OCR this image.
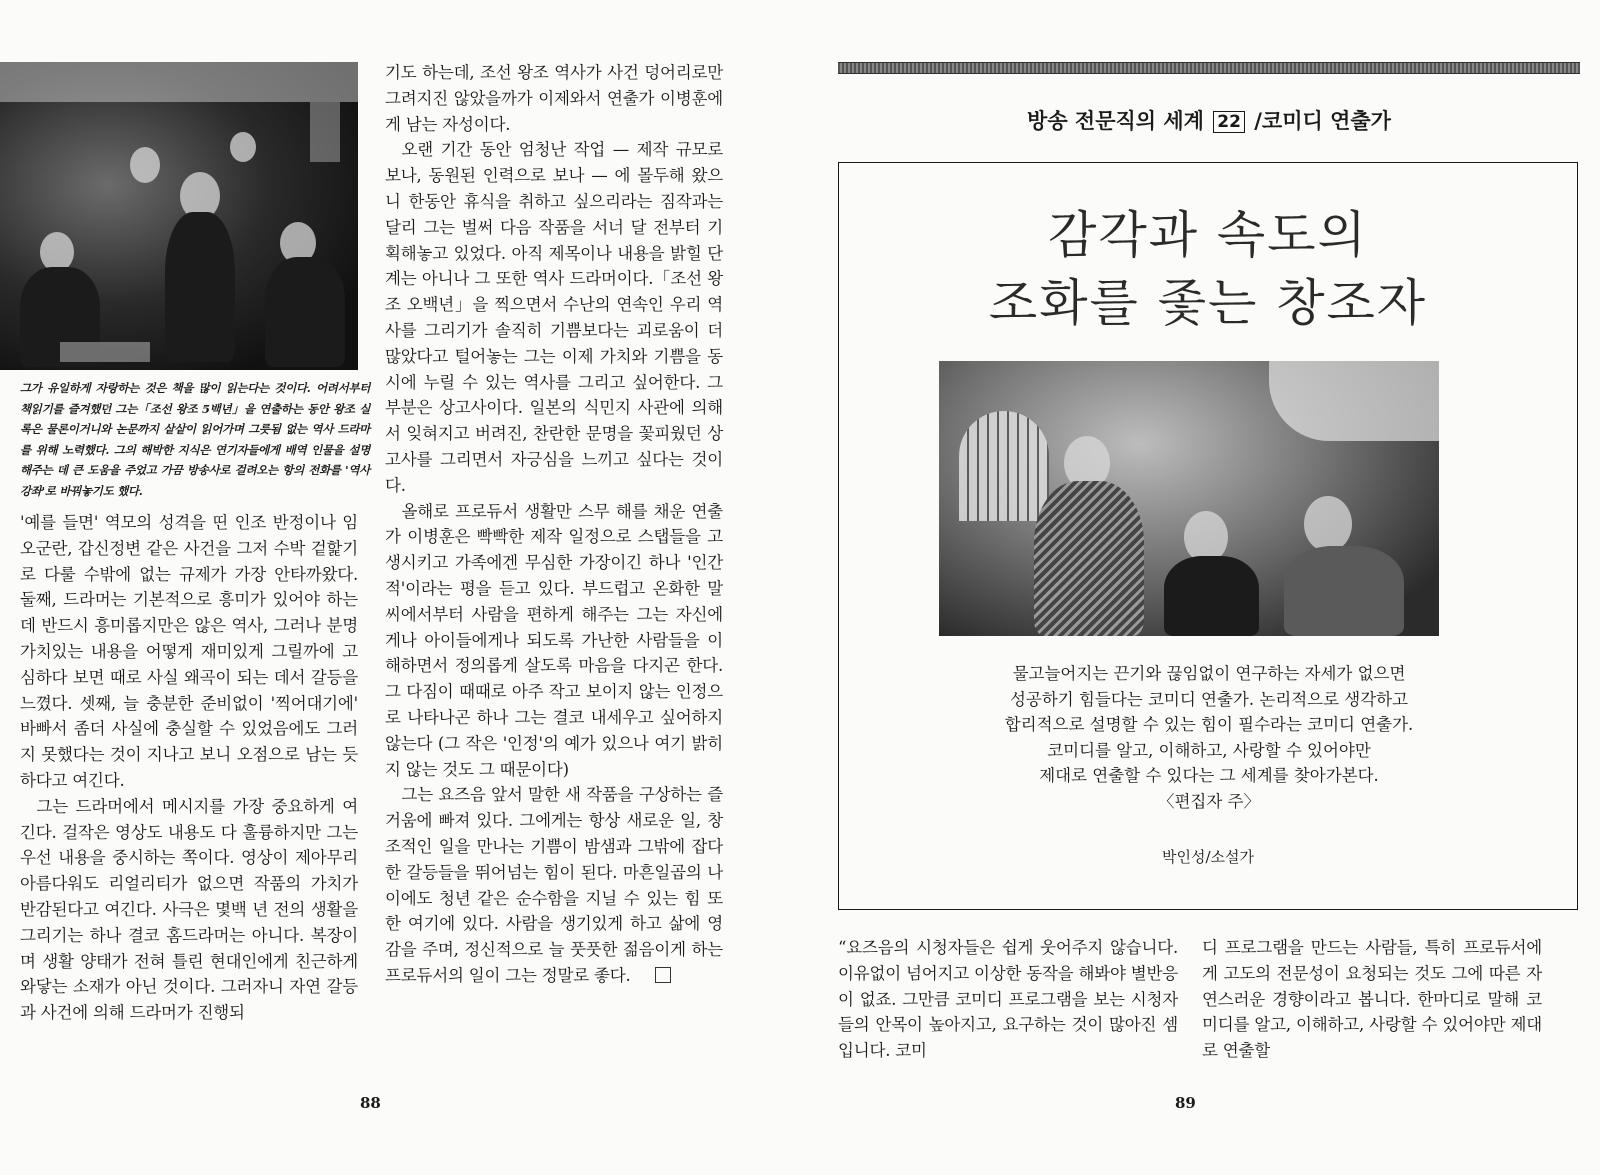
그가 유일하게 자랑하는 것은 책을 많이 읽는다는 것이다. 어려서부터 책읽기를 즐겨했던 그는「조선 왕조 5백년」을 연출하는 동안 왕조 실록은 물론이거니와 논문까지 샅샅이 읽어가며 그릇됨 없는 역사 드라마를 위해 노력했다. 그의 해박한 지식은 연기자들에게 배역 인물을 설명해주는 데 큰 도움을 주었고 가끔 방송사로 걸려오는 항의 전화를 '역사 강좌'로 바꿔놓기도 했다.

'예를 들면' 역모의 성격을 띤 인조 반정이나 임오군란, 갑신정변 같은 사건을 그저 수박 겉핥기로 다룰 수밖에 없는 규제가 가장 안타까왔다. 둘째, 드라머는 기본적으로 흥미가 있어야 하는데 반드시 흥미롭지만은 않은 역사, 그러나 분명 가치있는 내용을 어떻게 재미있게 그릴까에 고심하다 보면 때로 사실 왜곡이 되는 데서 갈등을 느꼈다. 셋째, 늘 충분한 준비없이 '찍어대기에' 바빠서 좀더 사실에 충실할 수 있었음에도 그러지 못했다는 것이 지나고 보니 오점으로 남는 듯하다고 여긴다.

그는 드라머에서 메시지를 가장 중요하게 여긴다. 걸작은 영상도 내용도 다 훌륭하지만 그는 우선 내용을 중시하는 쪽이다. 영상이 제아무리 아름다워도 리얼리티가 없으면 작품의 가치가 반감된다고 여긴다. 사극은 몇백 년 전의 생활을 그리기는 하나 결코 홈드라머는 아니다. 복장이며 생활 양태가 전혀 틀린 현대인에게 친근하게 와닿는 소재가 아닌 것이다. 그러자니 자연 갈등과 사건에 의해 드라머가 진행되

기도 하는데, 조선 왕조 역사가 사건 덩어리로만 그려지진 않았을까가 이제와서 연출가 이병훈에게 남는 자성이다.

오랜 기간 동안 엄청난 작업 — 제작 규모로 보나, 동원된 인력으로 보나 — 에 몰두해 왔으니 한동안 휴식을 취하고 싶으리라는 짐작과는 달리 그는 벌써 다음 작품을 서너 달 전부터 기획해놓고 있었다. 아직 제목이나 내용을 밝힐 단계는 아니나 그 또한 역사 드라머이다.「조선 왕조 오백년」을 찍으면서 수난의 연속인 우리 역사를 그리기가 솔직히 기쁨보다는 괴로움이 더 많았다고 털어놓는 그는 이제 가치와 기쁨을 동시에 누릴 수 있는 역사를 그리고 싶어한다. 그 부분은 상고사이다. 일본의 식민지 사관에 의해서 잊혀지고 버려진, 찬란한 문명을 꽃피웠던 상고사를 그리면서 자긍심을 느끼고 싶다는 것이다.

올해로 프로듀서 생활만 스무 해를 채운 연출가 이병훈은 빡빡한 제작 일정으로 스탭들을 고생시키고 가족에겐 무심한 가장이긴 하나 '인간적'이라는 평을 듣고 있다. 부드럽고 온화한 말씨에서부터 사람을 편하게 해주는 그는 자신에게나 아이들에게나 되도록 가난한 사람들을 이해하면서 정의롭게 살도록 마음을 다지곤 한다. 그 다짐이 때때로 아주 작고 보이지 않는 인정으로 나타나곤 하나 그는 결코 내세우고 싶어하지 않는다 (그 작은 '인정'의 예가 있으나 여기 밝히지 않는 것도 그 때문이다)

그는 요즈음 앞서 말한 새 작품을 구상하는 즐거움에 빠져 있다. 그에게는 항상 새로운 일, 창조적인 일을 만나는 기쁨이 밤샘과 그밖에 잡다한 갈등들을 뛰어넘는 힘이 된다. 마흔일곱의 나이에도 청년 같은 순수함을 지닐 수 있는 힘 또한 여기에 있다. 사람을 생기있게 하고 삶에 영감을 주며, 정신적으로 늘 풋풋한 젊음이게 하는 프로듀서의 일이 그는 정말로 좋다.

88
방송 전문직의 세계 22 /코미디 연출가
감각과 속도의
조화를 좇는 창조자
물고늘어지는 끈기와 끊임없이 연구하는 자세가 없으면
성공하기 힘들다는 코미디 연출가. 논리적으로 생각하고
합리적으로 설명할 수 있는 힘이 필수라는 코미디 연출가.
코미디를 알고, 이해하고, 사랑할 수 있어야만
제대로 연출할 수 있다는 그 세계를 찾아가본다.
〈편집자 주〉
박인성/소설가

“요즈음의 시청자들은 쉽게 웃어주지 않습니다. 이유없이 넘어지고 이상한 동작을 해봐야 별반응이 없죠. 그만큼 코미디 프로그램을 보는 시청자들의 안목이 높아지고, 요구하는 것이 많아진 셈입니다. 코미

디 프로그램을 만드는 사람들, 특히 프로듀서에게 고도의 전문성이 요청되는 것도 그에 따른 자연스러운 경향이라고 봅니다. 한마디로 말해 코미디를 알고, 이해하고, 사랑할 수 있어야만 제대로 연출할

89
